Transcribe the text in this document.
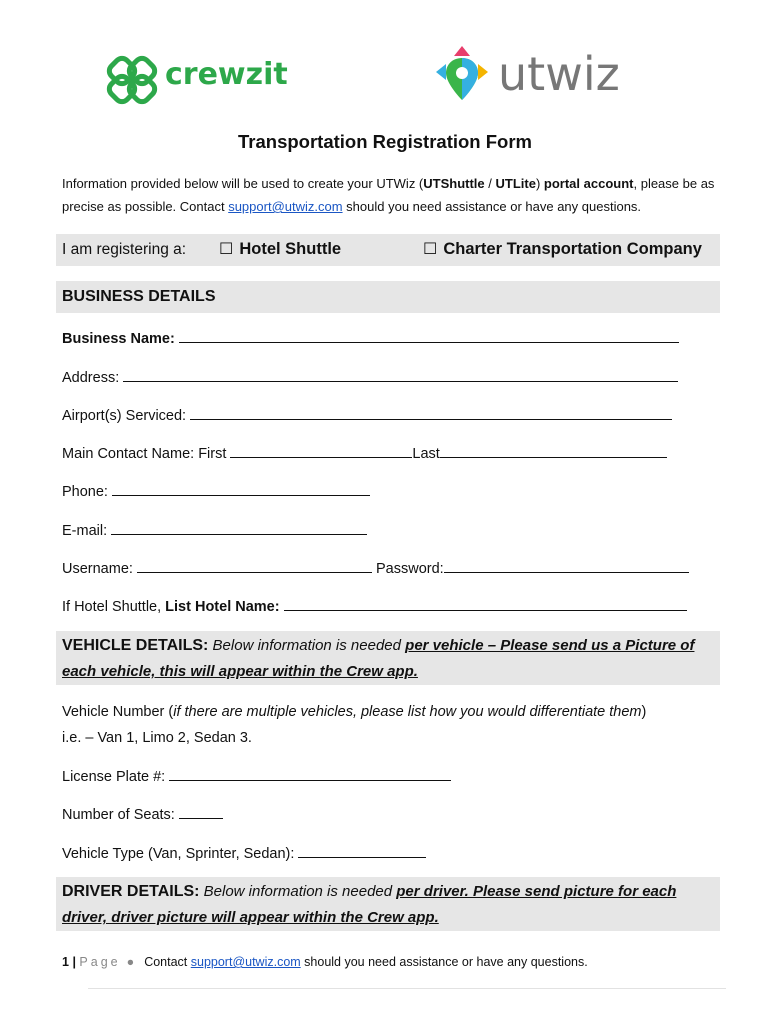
crewzit	utwiz
Transportation Registration Form
Information provided below will be used to create your UTWiz (UTShuttle / UTLite) portal account, please be as precise as possible. Contact support@utwiz.com should you need assistance or have any questions.
I am registering a: ☐ Hotel Shuttle	☐ Charter Transportation Company
BUSINESS DETAILS
Business Name:
Address:
Airport(s) Serviced:
Main Contact Name: First	Last
Phone:
E-mail:
Username:	Password:
If Hotel Shuttle, List Hotel Name:
VEHICLE DETAILS: Below information is needed per vehicle – Please send us a Picture of each vehicle, this will appear within the Crew app.
Vehicle Number (if there are multiple vehicles, please list how you would differentiate them)
i.e. – Van 1, Limo 2, Sedan 3.
License Plate #:
Number of Seats:
Vehicle Type (Van, Sprinter, Sedan):
DRIVER DETAILS: Below information is needed per driver. Please send picture for each driver, driver picture will appear within the Crew app.
1 | Page ● Contact support@utwiz.com should you need assistance or have any questions.
